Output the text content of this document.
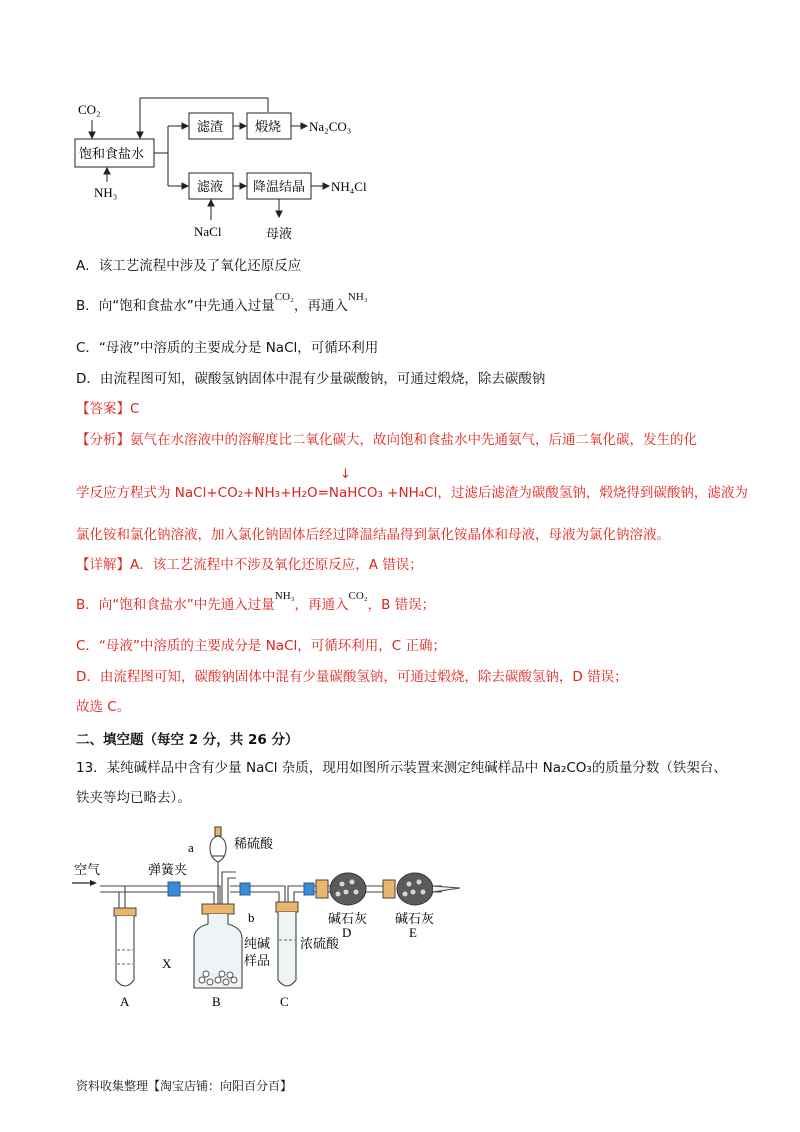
CO₂
饱和食盐水
NH₃
滤渣 煅烧 Na₂CO₃
滤液 降温结晶 NH₄Cl
NaCl	母液
A．该工艺流程中涉及了氧化还原反应
B．向“饱和食盐水”中先通入过量$^{CO_2}$，再通入$^{NH_3}$
C．“母液”中溶质的主要成分是 NaCl，可循环利用
D．由流程图可知，碳酸氢钠固体中混有少量碳酸钠，可通过煅烧，除去碳酸钠
【答案】C
【分析】氨气在水溶液中的溶解度比二氧化碳大，故向饱和食盐水中先通氨气，后通二氧化碳，发生的化
↓
学反应方程式为 NaCl+CO₂+NH₃+H₂O=NaHCO₃ +NH₄Cl，过滤后滤渣为碳酸氢钠，煅烧得到碳酸钠，滤液为
氯化铵和氯化钠溶液，加入氯化钠固体后经过降温结晶得到氯化铵晶体和母液，母液为氯化钠溶液。
【详解】A．该工艺流程中不涉及氧化还原反应，A 错误；
B．向“饱和食盐水”中先通入过量$^{NH_3}$，再通入$^{CO_2}$，B 错误；
C．“母液”中溶质的主要成分是 NaCl，可循环利用，C 正确；
D．由流程图可知，碳酸钠固体中混有少量碳酸氢钠，可通过煅烧，除去碳酸氢钠，D 错误；
故选 C。
二、填空题（每空 2 分，共 26 分）
13．某纯碱样品中含有少量 NaCl 杂质，现用如图所示装置来测定纯碱样品中 Na₂CO₃的质量分数（铁架台、
铁夹等均已略去）。
空气	弹簧夹
a	稀硫酸
b
X
纯碱
样品
浓硫酸
碱石灰 碱石灰
D	E
A	B	C
资料收集整理【淘宝店铺：向阳百分百】
